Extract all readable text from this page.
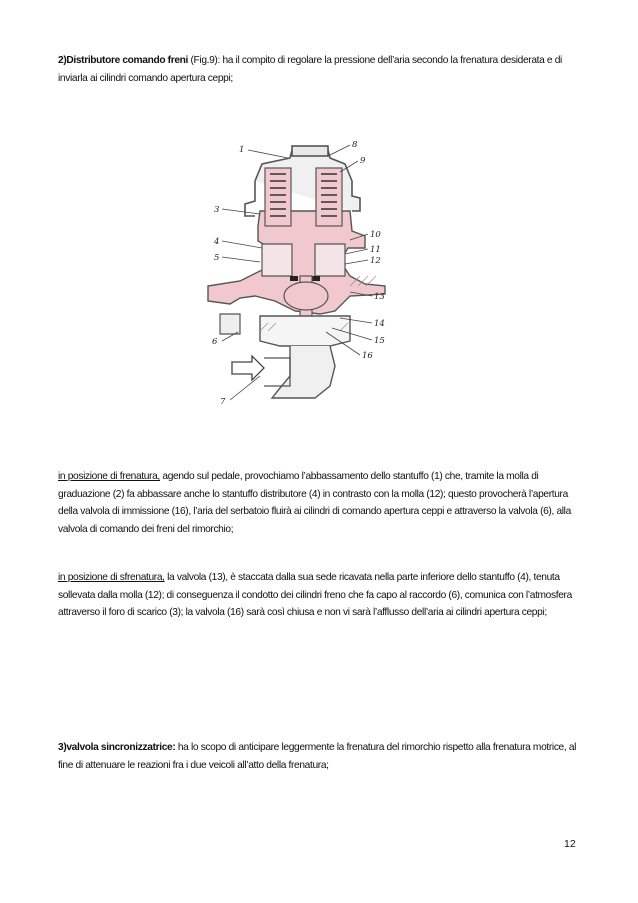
2)Distributore comando freni (Fig.9): ha il compito di regolare la pressione dell’aria secondo la frenatura desiderata e di inviarla ai cilindri comando apertura ceppi;

1	8
9
3
10
4
11
12
5
13
14
6	15
16
7

in posizione di frenatura, agendo sul pedale, provochiamo l’abbassamento dello stantuffo (1) che, tramite la molla di graduazione (2) fa abbassare anche lo stantuffo distributore (4) in contrasto con la molla (12); questo provocherà l’apertura della valvola di immissione (16), l’aria del serbatoio fluirà ai cilindri di comando apertura ceppi e attraverso la valvola (6), alla valvola di comando dei freni del rimorchio;

in posizione di sfrenatura, la valvola (13), è staccata dalla sua sede ricavata nella parte inferiore dello stantuffo (4), tenuta sollevata dalla molla (12); di conseguenza il condotto dei cilindri freno che fa capo al raccordo (6), comunica con l’atmosfera attraverso il foro di scarico (3); la valvola (16) sarà così chiusa e non vi sarà l’afflusso dell’aria ai cilindri apertura ceppi;

3)valvola sincronizzatrice: ha lo scopo di anticipare leggermente la frenatura del rimorchio rispetto alla frenatura motrice, al fine di attenuare le reazioni fra i due veicoli all’atto della frenatura;

12
